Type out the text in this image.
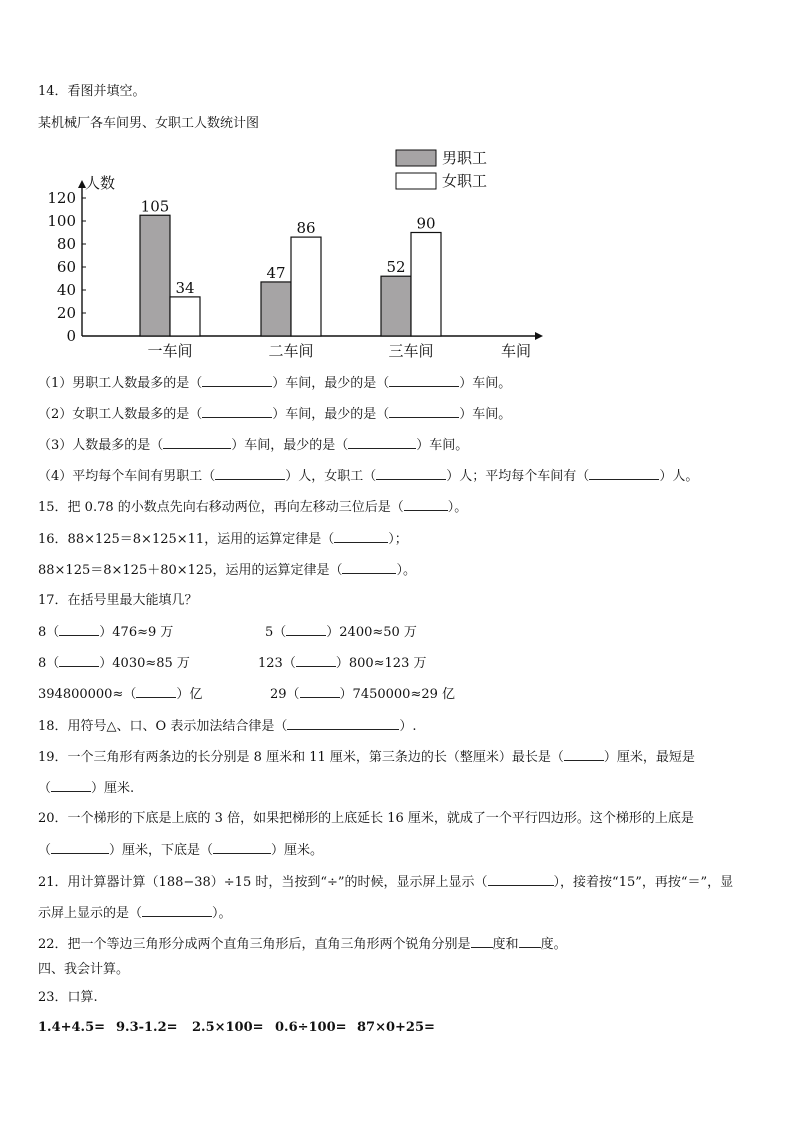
14．看图并填空。
某机械厂各车间男、女职工人数统计图
男职工
女职工
人数
车间
0
20
40
60
80
100
120	105
34
一车间
47
86
二车间
52
90
三车间
（1）男职工人数最多的是（	）车间，最少的是（	）车间。
（2）女职工人数最多的是（	）车间，最少的是（	）车间。
（3）人数最多的是（	）车间，最少的是（	）车间。
（4）平均每个车间有男职工（	）人，女职工（	）人；平均每个车间有（	）人。
15．把 0.78 的小数点先向右移动两位，再向左移动三位后是（	）。
16．88×125＝8×125×11，运用的运算定律是（	）；
88×125＝8×125＋80×125，运用的运算定律是（	）。
17．在括号里最大能填几？
8（	）476≈9 万	5（	）2400≈50 万
8（	）4030≈85 万	123（	）800≈123 万
394800000≈（	）亿	29（	）7450000≈29 亿
18．用符号△、口、O 表示加法结合律是（	）.
19．一个三角形有两条边的长分别是 8 厘米和 11 厘米，第三条边的长（整厘米）最长是（	）厘米，最短是
（	）厘米.
20．一个梯形的下底是上底的 3 倍，如果把梯形的上底延长 16 厘米，就成了一个平行四边形。这个梯形的上底是
（	）厘米，下底是（	）厘米。
21．用计算器计算（188−38）÷15 时，当按到“÷”的时候，显示屏上显示（	），接着按“15”，再按“＝”，显
示屏上显示的是（	）。
22．把一个等边三角形分成两个直角三角形后，直角三角形两个锐角分别是 度和 度。
四、我会计算。
23．口算.
1.4+4.5= 9.3-1.2= 2.5×100= 0.6÷100= 87×0+25=
